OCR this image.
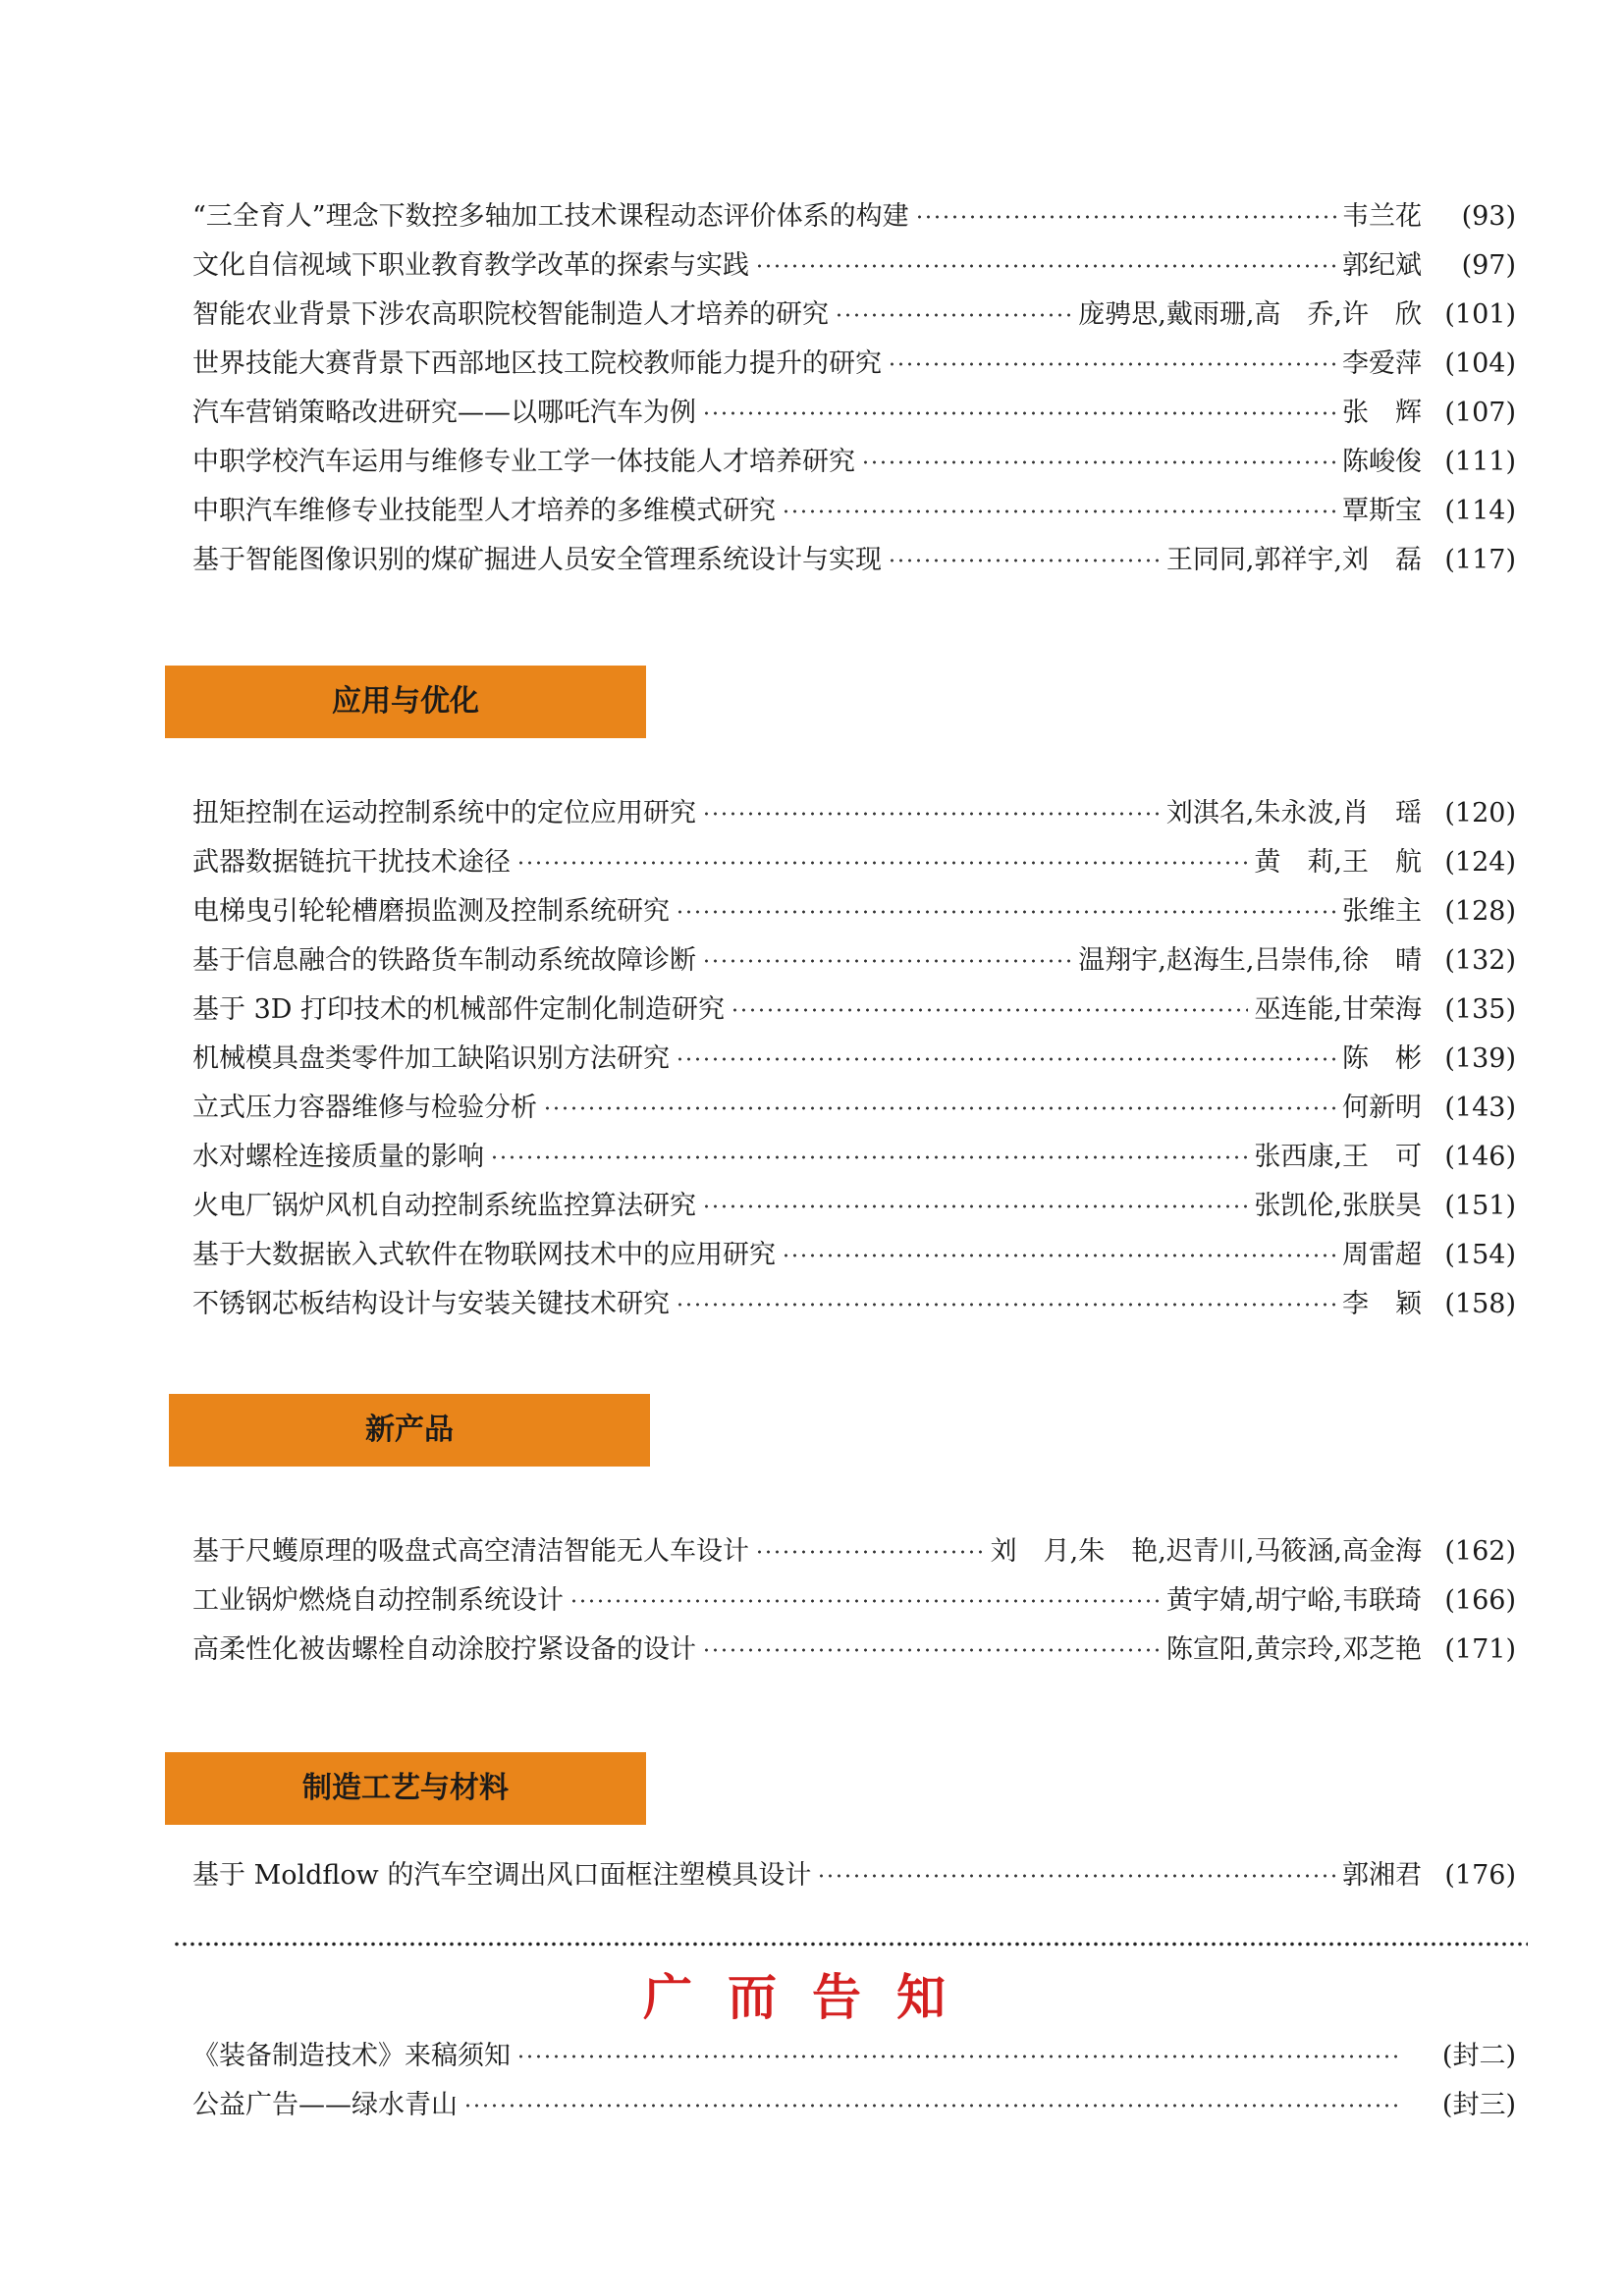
“三全育人”理念下数控多轴加工技术课程动态评价体系的构建	韦兰花	(93)
文化自信视域下职业教育教学改革的探索与实践	郭纪斌	(97)
智能农业背景下涉农高职院校智能制造人才培养的研究	庞骋思,戴雨珊,高　乔,许　欣 (101)
世界技能大赛背景下西部地区技工院校教师能力提升的研究	李爱萍 (104)
汽车营销策略改进研究——以哪吒汽车为例	张　辉 (107)
中职学校汽车运用与维修专业工学一体技能人才培养研究	陈峻俊 (111)
中职汽车维修专业技能型人才培养的多维模式研究	覃斯宝 (114)
基于智能图像识别的煤矿掘进人员安全管理系统设计与实现	王同同,郭祥宇,刘　磊 (117)
应用与优化
扭矩控制在运动控制系统中的定位应用研究	刘淇名,朱永波,肖　瑶 (120)
武器数据链抗干扰技术途径	黄　莉,王　航 (124)
电梯曳引轮轮槽磨损监测及控制系统研究	张维主 (128)
基于信息融合的铁路货车制动系统故障诊断	温翔宇,赵海生,吕崇伟,徐　晴 (132)
基于 3D 打印技术的机械部件定制化制造研究	巫连能,甘荣海 (135)
机械模具盘类零件加工缺陷识别方法研究	陈　彬 (139)
立式压力容器维修与检验分析	何新明 (143)
水对螺栓连接质量的影响	张西康,王　可 (146)
火电厂锅炉风机自动控制系统监控算法研究	张凯伦,张朕昊 (151)
基于大数据嵌入式软件在物联网技术中的应用研究	周雷超 (154)
不锈钢芯板结构设计与安装关键技术研究	李　颖 (158)
新产品
基于尺蠖原理的吸盘式高空清洁智能无人车设计	刘　月,朱　艳,迟青川,马筱涵,高金海 (162)
工业锅炉燃烧自动控制系统设计	黄宇婧,胡宁峪,韦联琦 (166)
高柔性化被齿螺栓自动涂胶拧紧设备的设计	陈宣阳,黄宗玲,邓芝艳 (171)
制造工艺与材料
基于 Moldflow 的汽车空调出风口面框注塑模具设计	郭湘君 (176)
广而告知
《装备制造技术》来稿须知	(封二)
公益广告——绿水青山	(封三)
